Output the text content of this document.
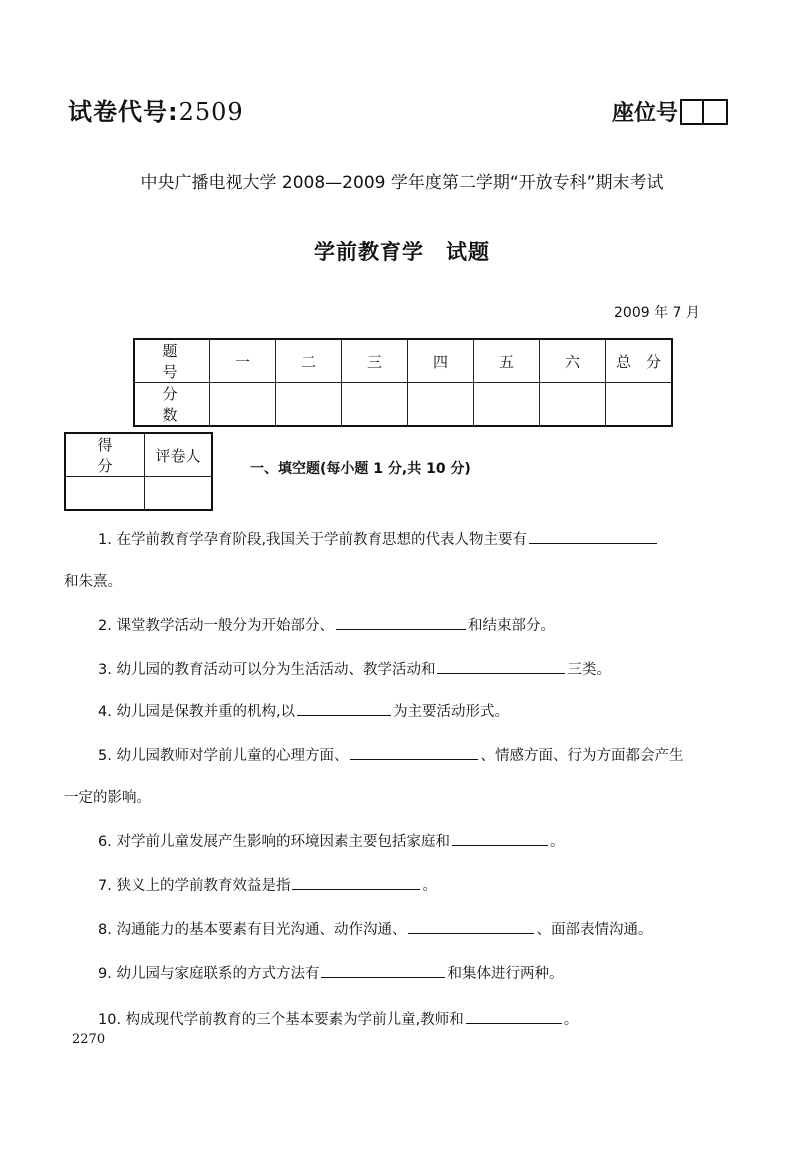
试卷代号:2509	座位号
中央广播电视大学 2008—2009 学年度第二学期“开放专科”期末考试
学前教育学　试题
2009 年 7 月
题　号	一	二	三	四	五	六	总　分
分　数							
得　分	评卷人

一、填空题(每小题 1 分,共 10 分)
1. 在学前教育学孕育阶段,我国关于学前教育思想的代表人物主要有
和朱熹。
2. 课堂教学活动一般分为开始部分、	和结束部分。
3. 幼儿园的教育活动可以分为生活活动、教学活动和	三类。
4. 幼儿园是保教并重的机构,以	为主要活动形式。
5. 幼儿园教师对学前儿童的心理方面、	、情感方面、行为方面都会产生
一定的影响。
6. 对学前儿童发展产生影响的环境因素主要包括家庭和	。
7. 狭义上的学前教育效益是指	。
8. 沟通能力的基本要素有目光沟通、动作沟通、	、面部表情沟通。
9. 幼儿园与家庭联系的方式方法有	和集体进行两种。
10. 构成现代学前教育的三个基本要素为学前儿童,教师和	。
2270
